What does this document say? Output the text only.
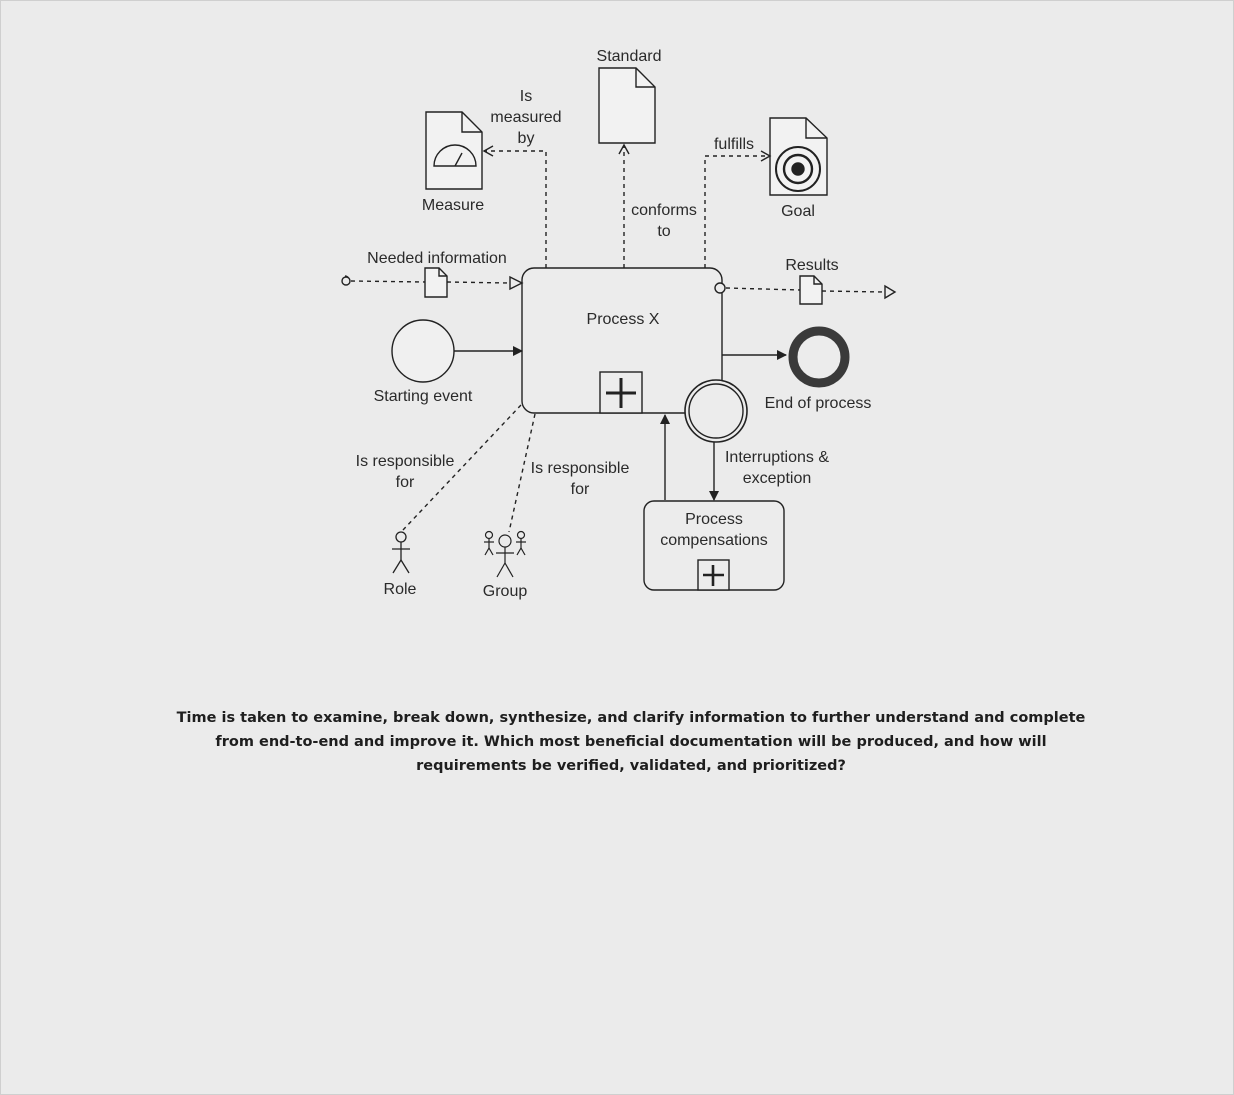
Standard
Is
measured
by
Measure
fulfills
Goal
conforms
to
Needed information	Results
Process X
Starting event	End of process
Interruptions &
exception
Process
compensations
Is responsible
for
Is responsible
for
Role	Group
Time is taken to examine, break down, synthesize, and clarify information to further understand and complete from end-to-end and improve it. Which most beneficial documentation will be produced, and how will requirements be verified, validated, and prioritized?
